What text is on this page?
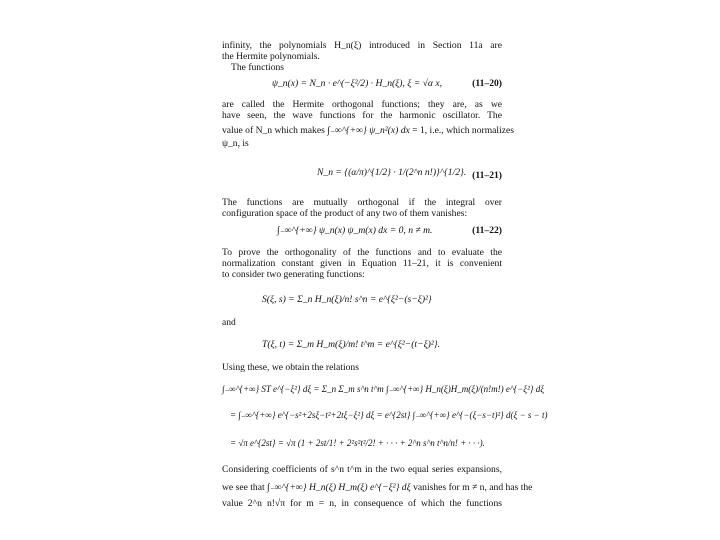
infinity, the polynomials H_n(ξ) introduced in Section 11a are
the Hermite polynomials.
The functions
ψ_n(x) = N_n · e^(−ξ²/2) · H_n(ξ), ξ = √α x,	(11–20)
are called the Hermite orthogonal functions; they are, as we
have seen, the wave functions for the harmonic oscillator. The
value of N_n which makes ∫₋∞^{+∞} ψ_n²(x) dx = 1, i.e., which normalizes
ψ_n, is
N_n = {(α/π)^{1/2} · 1/(2^n n!)}^{1/2}. (11–21)
The functions are mutually orthogonal if the integral over
configuration space of the product of any two of them vanishes:
∫₋∞^{+∞} ψ_n(x) ψ_m(x) dx = 0, n ≠ m.	(11–22)
To prove the orthogonality of the functions and to evaluate the
normalization constant given in Equation 11–21, it is convenient
to consider two generating functions:
S(ξ, s) = Σ_n H_n(ξ)/n! s^n = e^{ξ²−(s−ξ)²}
and
T(ξ, t) = Σ_m H_m(ξ)/m! t^m = e^{ξ²−(t−ξ)²}.
Using these, we obtain the relations
∫₋∞^{+∞} ST e^{−ξ²} dξ = Σ_n Σ_m s^n t^m ∫₋∞^{+∞} H_n(ξ)H_m(ξ)/(n!m!) e^{−ξ²} dξ
= ∫₋∞^{+∞} e^{−s²+2sξ−t²+2tξ−ξ²} dξ = e^{2st} ∫₋∞^{+∞} e^{−(ξ−s−t)²} d(ξ − s − t)
= √π e^{2st} = √π (1 + 2st/1! + 2²s²t²/2! + · · · + 2^n s^n t^n/n! + · · ·).
Considering coefficients of s^n t^m in the two equal series expansions,
we see that ∫₋∞^{+∞} H_n(ξ) H_m(ξ) e^{−ξ²} dξ vanishes for m ≠ n, and has the
value 2^n n!√π for m = n, in consequence of which the functions
